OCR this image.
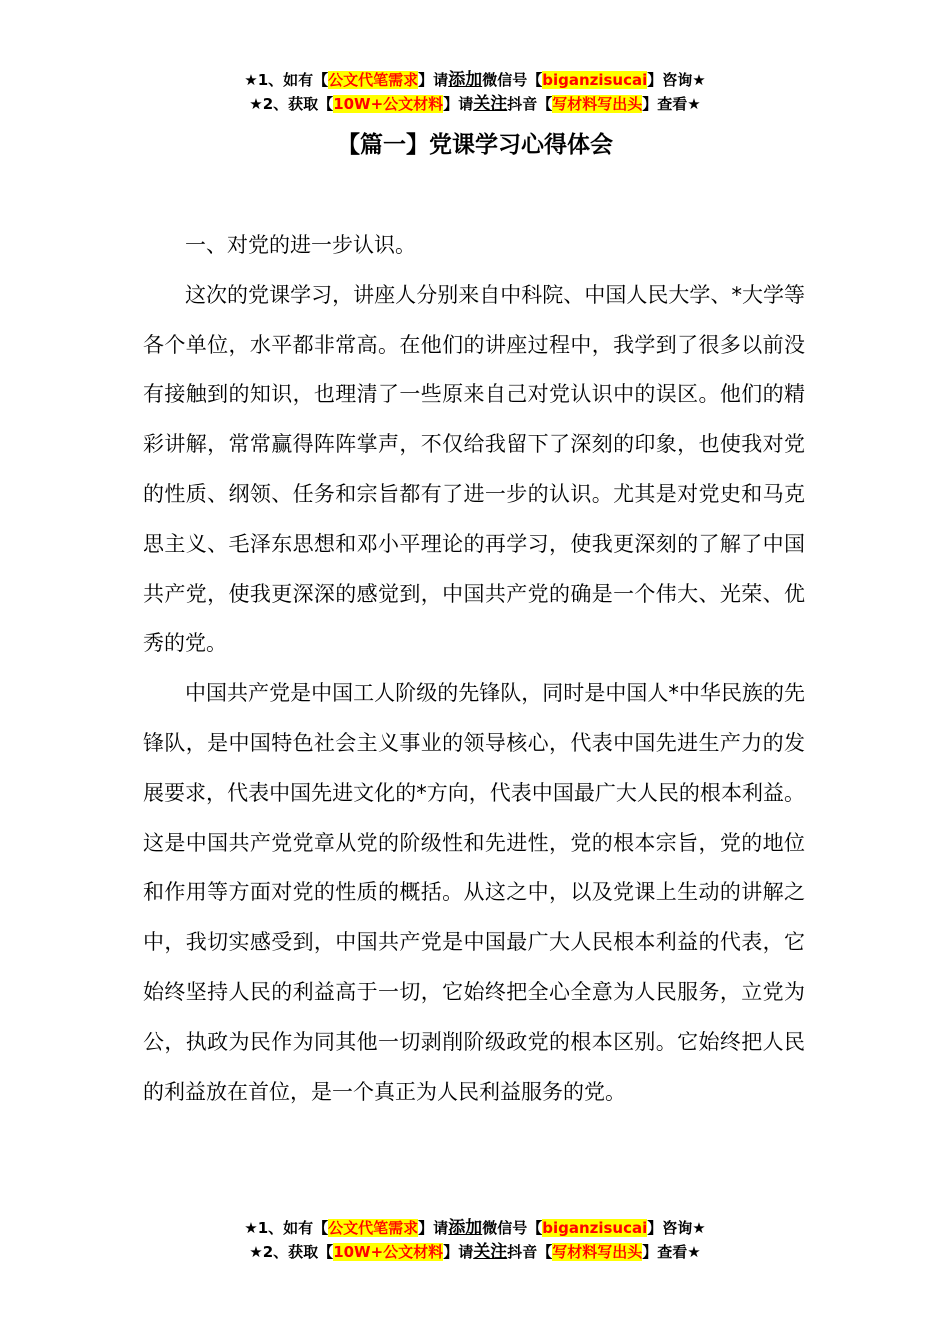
★1、如有【公文代笔需求】请添加微信号【biganzisucai】咨询★
★2、获取【10W+公文材料】请关注抖音【写材料写出头】查看★
【篇一】党课学习心得体会

一、对党的进一步认识。

这次的党课学习，讲座人分别来自中科院、中国人民大学、*大学等各个单位，水平都非常高。在他们的讲座过程中，我学到了很多以前没有接触到的知识，也理清了一些原来自己对党认识中的误区。他们的精彩讲解，常常赢得阵阵掌声，不仅给我留下了深刻的印象，也使我对党的性质、纲领、任务和宗旨都有了进一步的认识。尤其是对党史和马克思主义、毛泽东思想和邓小平理论的再学习，使我更深刻的了解了中国共产党，使我更深深的感觉到，中国共产党的确是一个伟大、光荣、优秀的党。

中国共产党是中国工人阶级的先锋队，同时是中国人*中华民族的先锋队，是中国特色社会主义事业的领导核心，代表中国先进生产力的发展要求，代表中国先进文化的*方向，代表中国最广大人民的根本利益。这是中国共产党党章从党的阶级性和先进性，党的根本宗旨，党的地位和作用等方面对党的性质的概括。从这之中，以及党课上生动的讲解之中，我切实感受到，中国共产党是中国最广大人民根本利益的代表，它始终坚持人民的利益高于一切，它始终把全心全意为人民服务，立党为公，执政为民作为同其他一切剥削阶级政党的根本区别。它始终把人民的利益放在首位，是一个真正为人民利益服务的党。

★1、如有【公文代笔需求】请添加微信号【biganzisucai】咨询★
★2、获取【10W+公文材料】请关注抖音【写材料写出头】查看★
